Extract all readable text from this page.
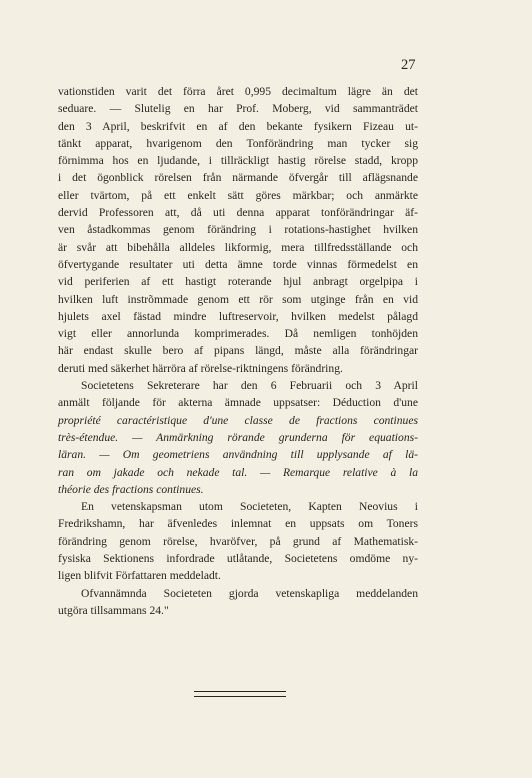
27

vationstiden varit det förra året 0,995 decimaltum lägre än det
seduare. — Slutelig en har Prof. Moberg, vid sammanträdet
den 3 April, beskrifvit en af den bekante fysikern Fizeau ut-
tänkt apparat, hvarigenom den Tonförändring man tycker sig
förnimma hos en ljudande, i tillräckligt hastig rörelse stadd, kropp
i det ögonblick rörelsen från närmande öfvergår till aflägsnande
eller tvärtom, på ett enkelt sätt göres märkbar; och anmärkte
dervid Professoren att, då uti denna apparat tonförändringar äf-
ven åstadkommas genom förändring i rotations-hastighet hvilken
är svår att bibehålla alldeles likformig, mera tillfredsställande och
öfvertygande resultater uti detta ämne torde vinnas förmedelst en
vid periferien af ett hastigt roterande hjul anbragt orgelpipa i
hvilken luft instrõmmade genom ett rör som utginge från en vid
hjulets axel fästad mindre luftreservoir, hvilken medelst pålagd
vigt eller annorlunda komprimerades. Då nemligen tonhöjden
här endast skulle bero af pipans längd, måste alla förändringar
deruti med säkerhet härröra af rörelse-riktningens förändring.

Societetens Sekreterare har den 6 Februarii och 3 April
anmält följande för akterna ämnade uppsatser: Déduction d'une
propriété caractéristique d'une classe de fractions continues
très-étendue. — Anmärkning rörande grunderna för equations-
läran. — Om geometriens användning till upplysande af lä-
ran om jakade och nekade tal. — Remarque relative à la
théorie des fractions continues.

En vetenskapsman utom Societeten, Kapten Neovius i
Fredrikshamn, har äfvenledes inlemnat en uppsats om Toners
förändring genom rörelse, hvaröfver, på grund af Mathematisk-
fysiska Sektionens infordrade utlåtande, Societetens omdöme ny-
ligen blifvit Författaren meddeladt.

Ofvannämnda Societeten gjorda vetenskapliga meddelanden
utgöra tillsammans 24."
